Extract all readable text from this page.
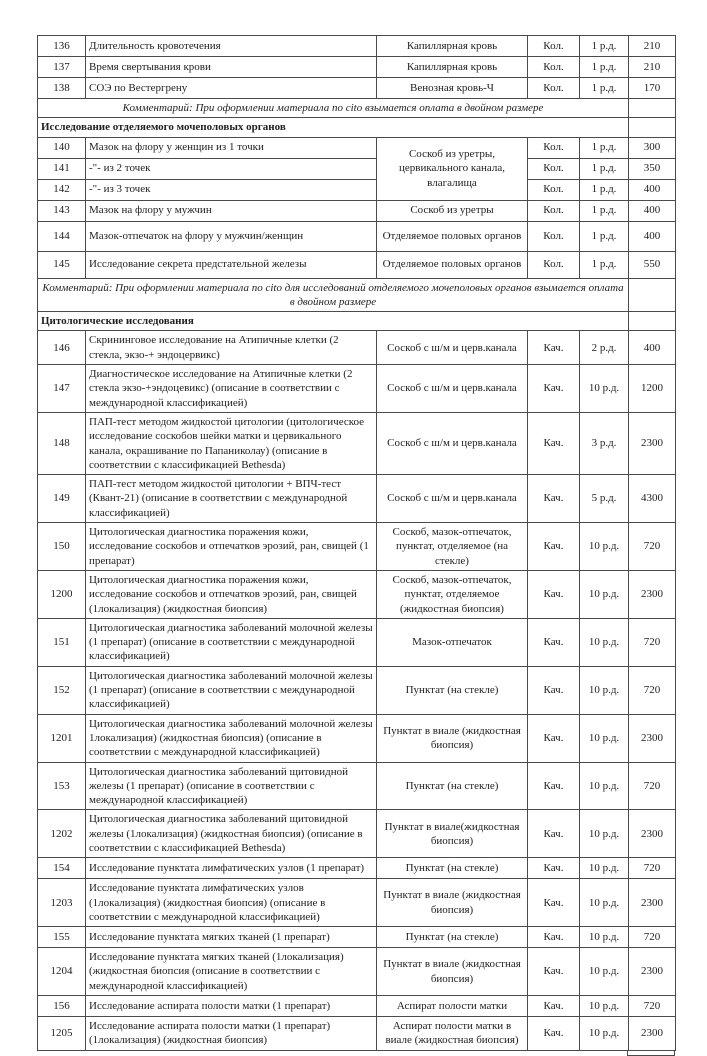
136	Длительность кровотечения	Капиллярная кровь	Кол.	1 р.д.	210
137	Время свертывания крови	Капиллярная кровь	Кол.	1 р.д.	210
138	СОЭ по Вестергрену	Венозная кровь-Ч	Кол.	1 р.д.	170
Комментарий: При оформлении материала по cito взымается оплата в двойном размере					
Исследование отделяемого мочеполовых органов					
140	Мазок на флору у женщин из 1 точки	Соскоб из уретры, цервикального канала, влагалища	Кол.	1 р.д.	300
141	-"- из 2 точек		Кол.	1 р.д.	350
142	-"- из 3 точек		Кол.	1 р.д.	400
143	Мазок на флору у мужчин	Соскоб из уретры	Кол.	1 р.д.	400
144	Мазок-отпечаток на флору у мужчин/женщин	Отделяемое половых органов	Кол.	1 р.д.	400
145	Исследование секрета предстательной железы	Отделяемое половых органов	Кол.	1 р.д.	550
Комментарий: При оформлении материала по cito для исследований отделяемого мочеполовых органов взымается оплата в двойном размере					
Цитологические исследования					
146	Скрининговое исследование на Атипичные клетки (2 стекла, экзо-+ эндоцервикс)	Соскоб с ш/м и церв.канала	Кач.	2 р.д.	400
147	Диагностическое исследование на Атипичные клетки (2 стекла экзо-+эндоцевикс) (описание в соответствии с международной классификацией)	Соскоб с ш/м и церв.канала	Кач.	10 р.д.	1200
148	ПАП-тест методом жидкостой цитологии (цитологическое исследование соскобов шейки матки и цервикального канала, окрашивание по Папаниколау) (описание в соответствии с классификацией Bethesda)	Соскоб с ш/м и церв.канала	Кач.	3 р.д.	2300
149	ПАП-тест методом жидкостой цитологии + ВПЧ-тест (Квант-21) (описание в соответствии с международной классификацией)	Соскоб с ш/м и церв.канала	Кач.	5 р.д.	4300
150	Цитологическая диагностика поражения кожи, исследование соскобов и отпечатков эрозий, ран, свищей (1 препарат)	Соскоб, мазок-отпечаток, пунктат, отделяемое (на стекле)	Кач.	10 р.д.	720
1200	Цитологическая диагностика поражения кожи, исследование соскобов и отпечатков эрозий, ран, свищей (1локализация) (жидкостная биопсия)	Соскоб, мазок-отпечаток, пунктат, отделяемое (жидкостная биопсия)	Кач.	10 р.д.	2300
151	Цитологическая диагностика заболеваний молочной железы (1 препарат) (описание в соответствии с международной классификацией)	Мазок-отпечаток	Кач.	10 р.д.	720
152	Цитологическая диагностика заболеваний молочной железы (1 препарат) (описание в соответствии с международной классификацией)	Пунктат (на стекле)	Кач.	10 р.д.	720
1201	Цитологическая диагностика заболеваний молочной железы 1локализация) (жидкостная биопсия) (описание в соответствии с международной классификацией)	Пунктат в виале (жидкостная биопсия)	Кач.	10 р.д.	2300
153	Цитологическая диагностика заболеваний щитовидной железы (1 препарат) (описание в соответствии с международной классификацией)	Пунктат (на стекле)	Кач.	10 р.д.	720
1202	Цитологическая диагностика заболеваний щитовидной железы (1локализация) (жидкостная биопсия) (описание в соответствии с классификацией Bethesda)	Пунктат в виале(жидкостная биопсия)	Кач.	10 р.д.	2300
154	Исследование пунктата лимфатических узлов (1 препарат)	Пунктат (на стекле)	Кач.	10 р.д.	720
1203	Исследование пунктата лимфатических узлов (1локализация) (жидкостная биопсия) (описание в соответствии с международной классификацией)	Пунктат в виале (жидкостная биопсия)	Кач.	10 р.д.	2300
155	Исследование пунктата мягких тканей (1 препарат)	Пунктат (на стекле)	Кач.	10 р.д.	720
1204	Исследование пунктата мягких тканей (1локализация) (жидкостная биопсия (описание в соответствии с международной классификацией)	Пунктат в виале (жидкостная биопсия)	Кач.	10 р.д.	2300
156	Исследование аспирата полости матки (1 препарат)	Аспират полости матки	Кач.	10 р.д.	720
1205	Исследование аспирата полости матки (1 препарат) (1локализация) (жидкостная биопсия)	Аспират полости матки в виале (жидкостная биопсия)	Кач.	10 р.д.	2300
